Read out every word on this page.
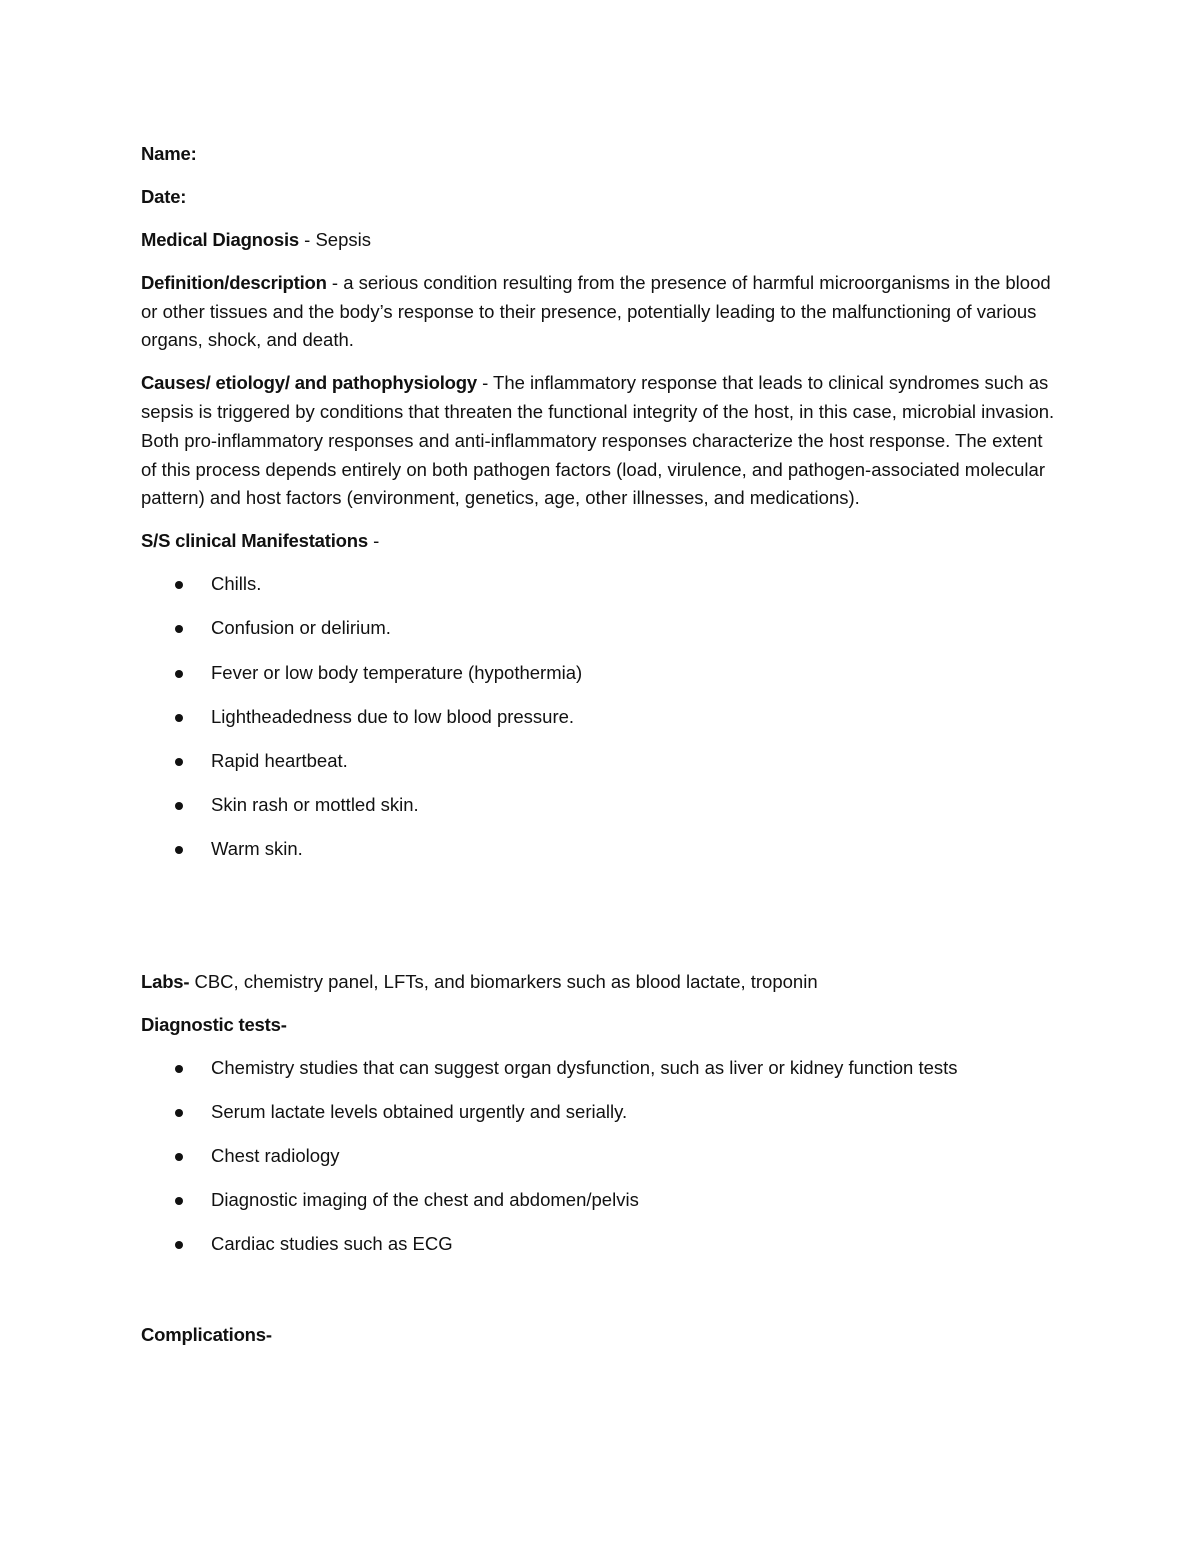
Name:

Date:

Medical Diagnosis - Sepsis

Definition/description - a serious condition resulting from the presence of harmful microorganisms in the blood or other tissues and the body’s response to their presence, potentially leading to the malfunctioning of various organs, shock, and death.

Causes/ etiology/ and pathophysiology - The inflammatory response that leads to clinical syndromes such as sepsis is triggered by conditions that threaten the functional integrity of the host, in this case, microbial invasion. Both pro-inflammatory responses and anti-inflammatory responses characterize the host response. The extent of this process depends entirely on both pathogen factors (load, virulence, and pathogen-associated molecular pattern) and host factors (environment, genetics, age, other illnesses, and medications).

S/S clinical Manifestations -

Chills.
Confusion or delirium.
Fever or low body temperature (hypothermia)
Lightheadedness due to low blood pressure.
Rapid heartbeat.
Skin rash or mottled skin.
Warm skin.

Labs- CBC, chemistry panel, LFTs, and biomarkers such as blood lactate, troponin

Diagnostic tests-

Chemistry studies that can suggest organ dysfunction, such as liver or kidney function tests
Serum lactate levels obtained urgently and serially.
Chest radiology
Diagnostic imaging of the chest and abdomen/pelvis
Cardiac studies such as ECG

Complications-
